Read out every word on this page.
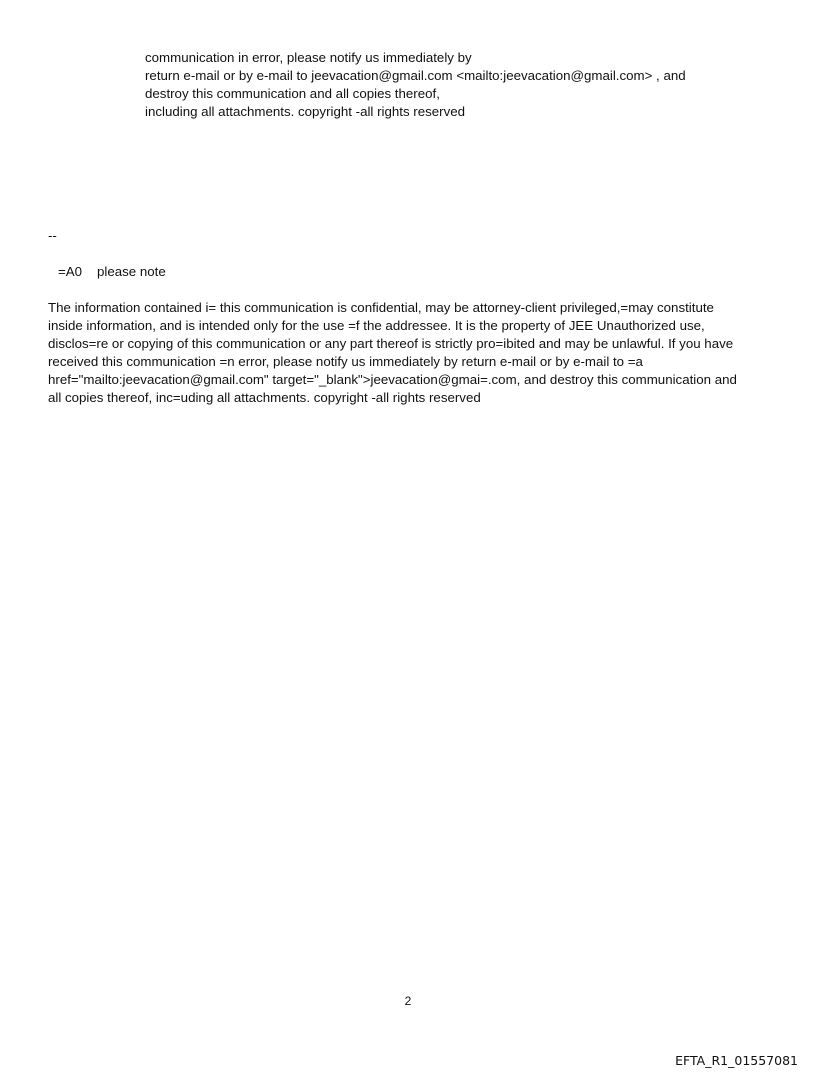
communication in error, please notify us immediately by
return e-mail or by e-mail to jeevacation@gmail.com <mailto:jeevacation@gmail.com> , and
destroy this communication and all copies thereof,
including all attachments. copyright -all rights reserved
--
=A0 please note
The information contained i= this communication is confidential, may be attorney-client privileged,=may constitute
inside information, and is intended only for the use =f the addressee. It is the property of JEE Unauthorized use,
disclos=re or copying of this communication or any part thereof is strictly pro=ibited and may be unlawful. If you have
received this communication =n error, please notify us immediately by return e-mail or by e-mail to =a
href="mailto:jeevacation@gmail.com" target="_blank">jeevacation@gmai=.com, and destroy this communication and
all copies thereof, inc=uding all attachments. copyright -all rights reserved
2
EFTA_R1_01557081
